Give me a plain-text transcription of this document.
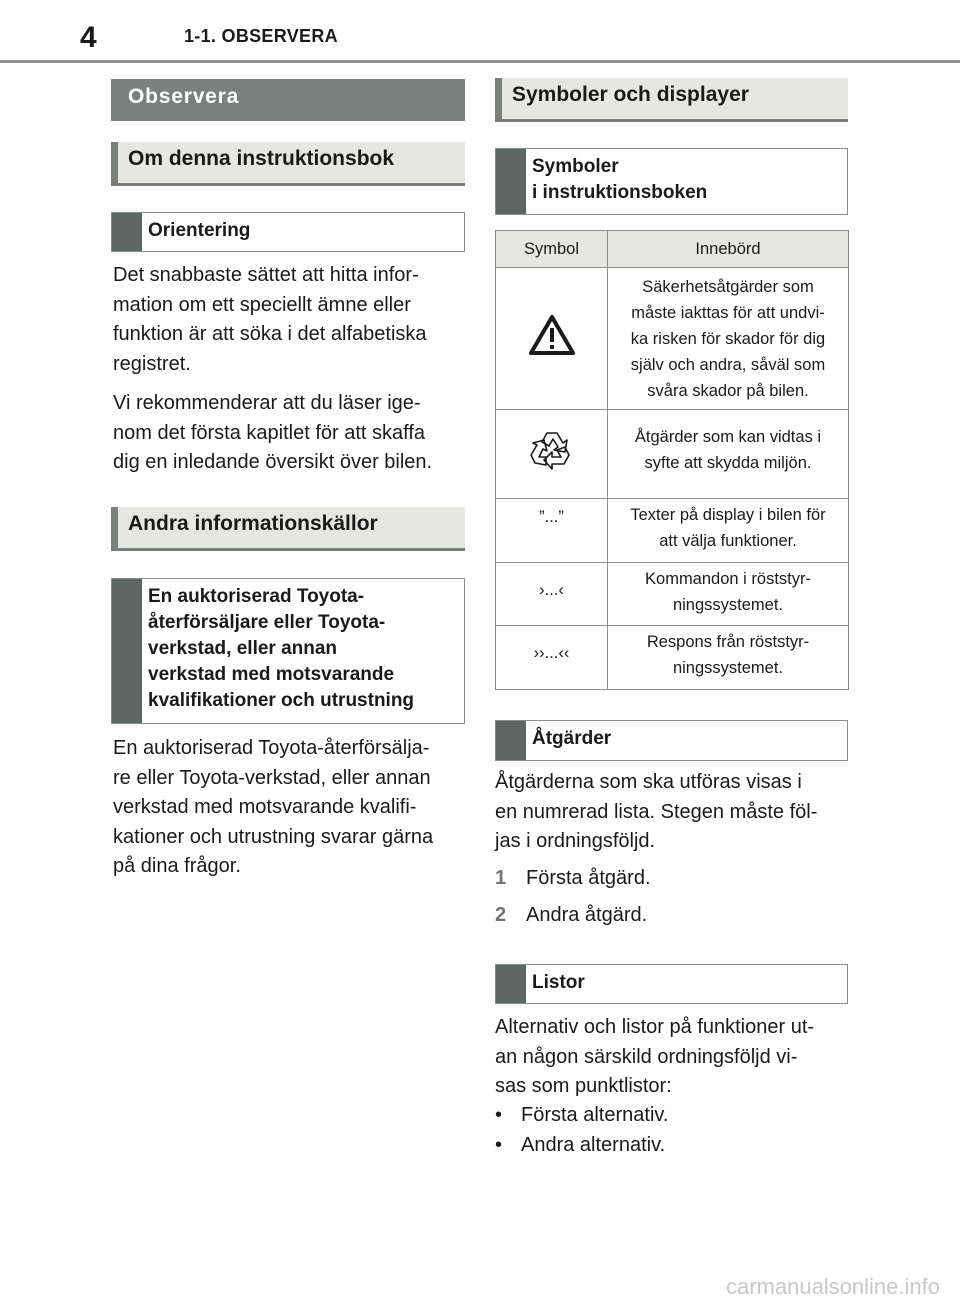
4	1-1. OBSERVERA
Observera
Om denna instruktionsbok
Orientering

Det snabbaste sättet att hitta infor-
mation om ett speciellt ämne eller
funktion är att söka i det alfabetiska
registret.

Vi rekommenderar att du läser ige-
nom det första kapitlet för att skaffa
dig en inledande översikt över bilen.

Andra informationskällor
En auktoriserad Toyota-
återförsäljare eller Toyota-
verkstad, eller annan
verkstad med motsvarande
kvalifikationer och utrustning

En auktoriserad Toyota-återförsälja-
re eller Toyota-verkstad, eller annan
verkstad med motsvarande kvalifi-
kationer och utrustning svarar gärna
på dina frågor.

Symboler och displayer
Symboler
i instruktionsboken
Symbol	Innebörd
	Säkerhetsåtgärder som
måste iakttas för att undvi-
ka risken för skador för dig
själv och andra, såväl som
svåra skador på bilen.
	Åtgärder som kan vidtas i
syfte att skydda miljön.
”...”	Texter på display i bilen för
att välja funktioner.
›...‹	Kommandon i röststyr-
ningssystemet.
››...‹‹	Respons från röststyr-
ningssystemet.
Åtgärder

Åtgärderna som ska utföras visas i
en numrerad lista. Stegen måste föl-
jas i ordningsföljd.

1 Första åtgärd.
2 Andra åtgärd.
Listor

Alternativ och listor på funktioner ut-
an någon särskild ordningsföljd vi-
sas som punktlistor:

• Första alternativ.
• Andra alternativ.
carmanualsonline.info
